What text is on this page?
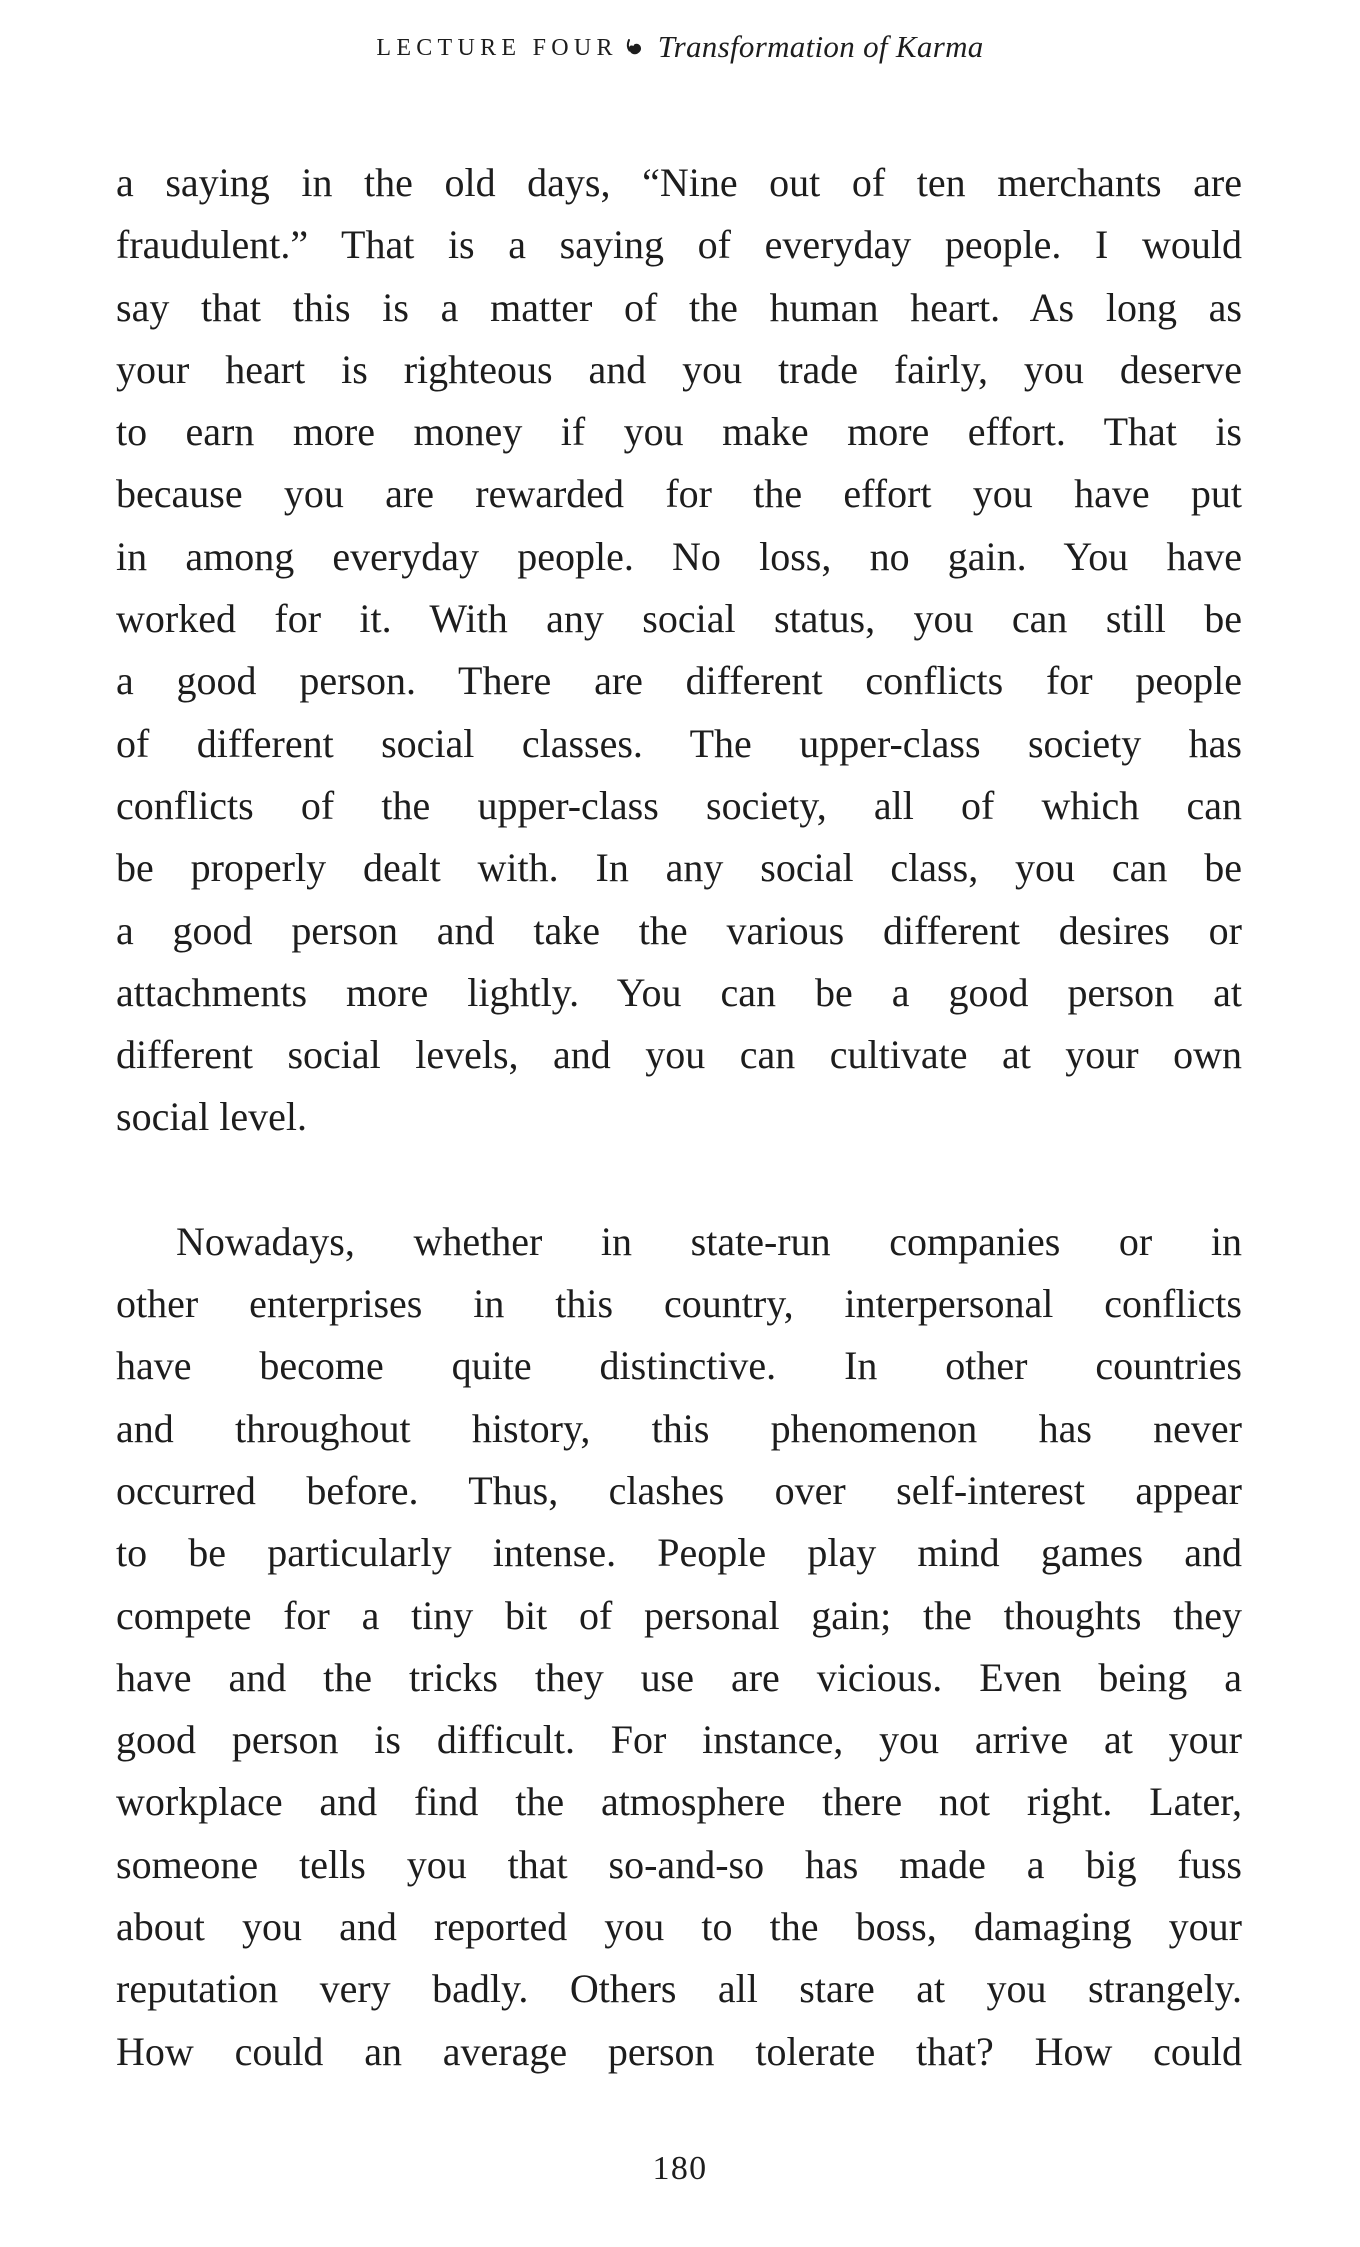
LECTURE FOUR Transformation of Karma
a saying in the old days, “Nine out of ten merchants are
fraudulent.” That is a saying of everyday people. I would
say that this is a matter of the human heart. As long as
your heart is righteous and you trade fairly, you deserve
to earn more money if you make more effort. That is
because you are rewarded for the effort you have put
in among everyday people. No loss, no gain. You have
worked for it. With any social status, you can still be
a good person. There are different conflicts for people
of different social classes. The upper-class society has
conflicts of the upper-class society, all of which can
be properly dealt with. In any social class, you can be
a good person and take the various different desires or
attachments more lightly. You can be a good person at
different social levels, and you can cultivate at your own
social level.
Nowadays, whether in state-run companies or in
other enterprises in this country, interpersonal conflicts
have become quite distinctive. In other countries
and throughout history, this phenomenon has never
occurred before. Thus, clashes over self-interest appear
to be particularly intense. People play mind games and
compete for a tiny bit of personal gain; the thoughts they
have and the tricks they use are vicious. Even being a
good person is difficult. For instance, you arrive at your
workplace and find the atmosphere there not right. Later,
someone tells you that so-and-so has made a big fuss
about you and reported you to the boss, damaging your
reputation very badly. Others all stare at you strangely.
How could an average person tolerate that? How could
180
